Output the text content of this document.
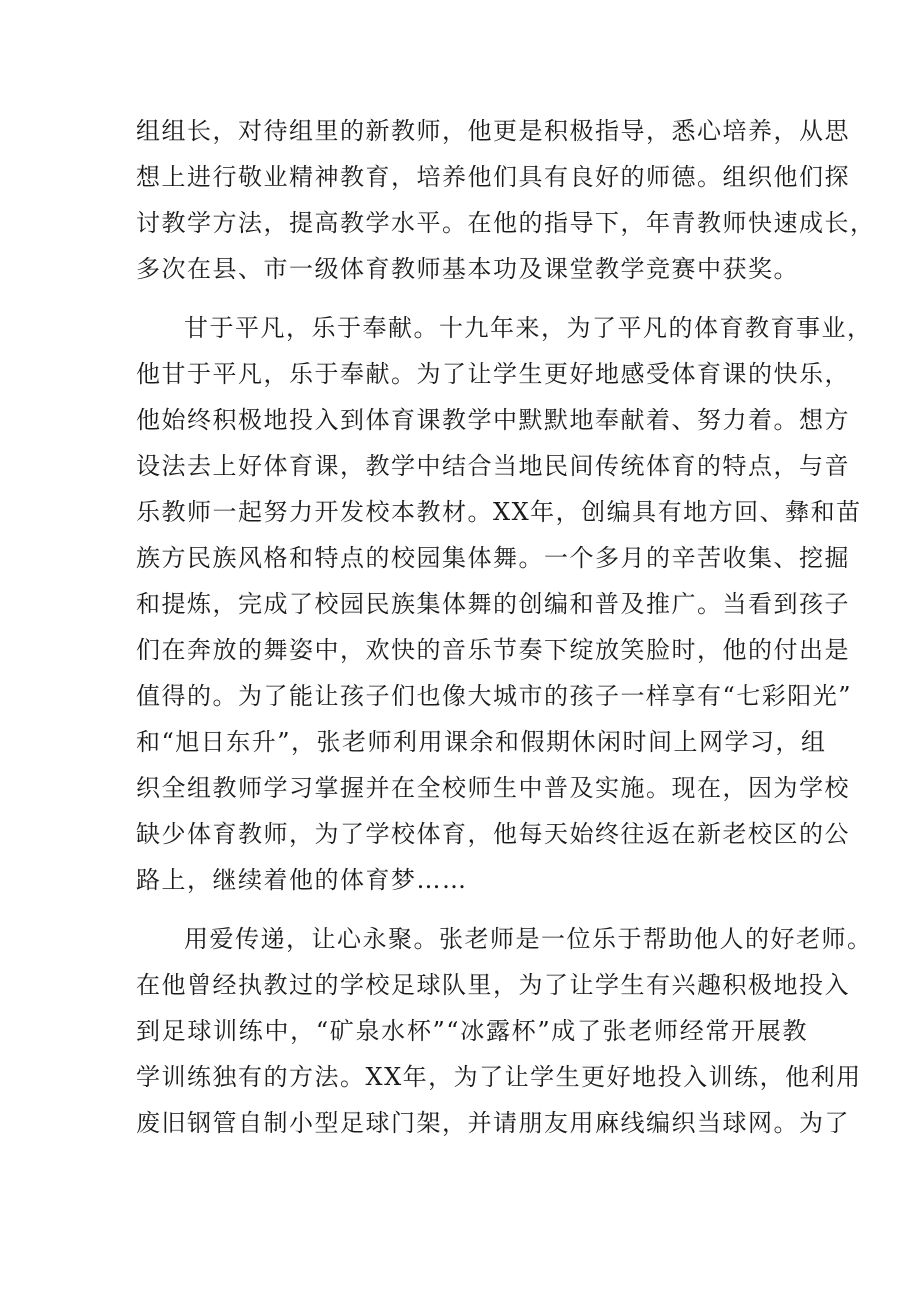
组组长，对待组里的新教师，他更是积极指导，悉心培养，从思
想上进行敬业精神教育，培养他们具有良好的师德。组织他们探
讨教学方法，提高教学水平。在他的指导下，年青教师快速成长，
多次在县、市一级体育教师基本功及课堂教学竞赛中获奖。
甘于平凡，乐于奉献。十九年来，为了平凡的体育教育事业，
他甘于平凡，乐于奉献。为了让学生更好地感受体育课的快乐，
他始终积极地投入到体育课教学中默默地奉献着、努力着。想方
设法去上好体育课，教学中结合当地民间传统体育的特点，与音
乐教师一起努力开发校本教材。XX年，创编具有地方回、彝和苗
族方民族风格和特点的校园集体舞。一个多月的辛苦收集、挖掘
和提炼，完成了校园民族集体舞的创编和普及推广。当看到孩子
们在奔放的舞姿中，欢快的音乐节奏下绽放笑脸时，他的付出是
值得的。为了能让孩子们也像大城市的孩子一样享有“七彩阳光”
和“旭日东升”，张老师利用课余和假期休闲时间上网学习，组
织全组教师学习掌握并在全校师生中普及实施。现在，因为学校
缺少体育教师，为了学校体育，他每天始终往返在新老校区的公
路上，继续着他的体育梦……
用爱传递，让心永聚。张老师是一位乐于帮助他人的好老师。
在他曾经执教过的学校足球队里，为了让学生有兴趣积极地投入
到足球训练中，“矿泉水杯”“冰露杯”成了张老师经常开展教
学训练独有的方法。XX年，为了让学生更好地投入训练，他利用
废旧钢管自制小型足球门架，并请朋友用麻线编织当球网。为了
